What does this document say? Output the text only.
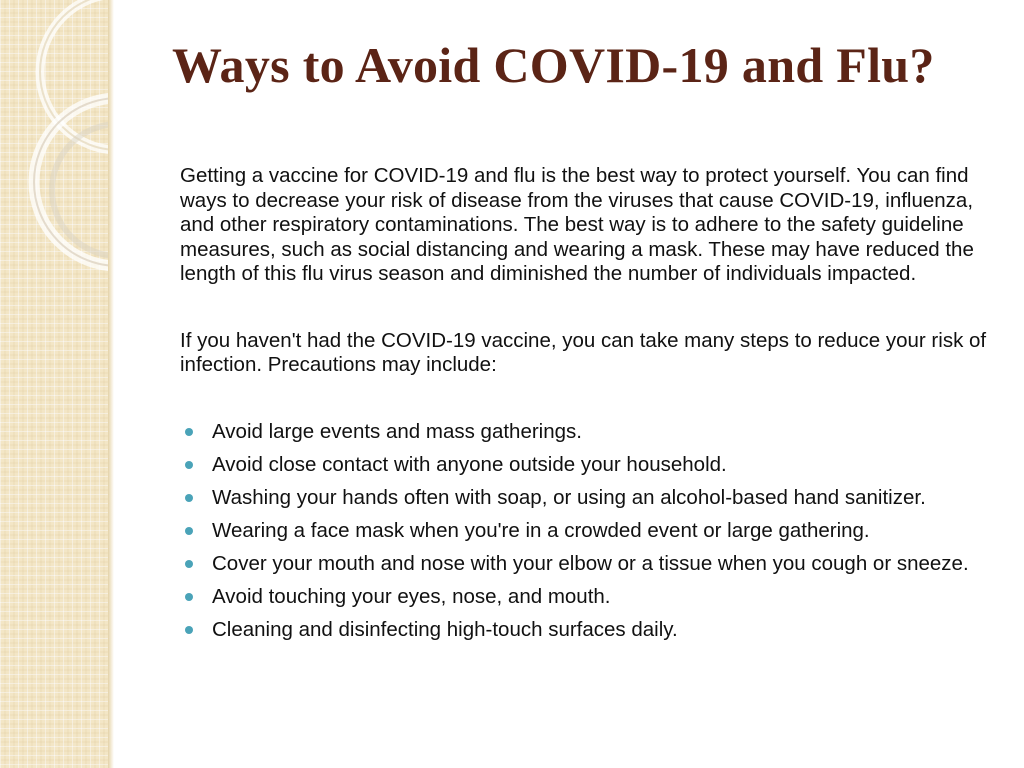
Ways to Avoid COVID-19 and Flu?

Getting a vaccine for COVID-19 and flu is the best way to protect yourself. You can find ways to decrease your risk of disease from the viruses that cause COVID-19, influenza, and other respiratory contaminations. The best way is to adhere to the safety guideline measures, such as social distancing and wearing a mask. These may have reduced the length of this flu virus season and diminished the number of individuals impacted.

If you haven't had the COVID-19 vaccine, you can take many steps to reduce your risk of infection. Precautions may include:

Avoid large events and mass gatherings.
Avoid close contact with anyone outside your household.
Washing your hands often with soap, or using an alcohol-based hand sanitizer.
Wearing a face mask when you're in a crowded event or large gathering.
Cover your mouth and nose with your elbow or a tissue when you cough or sneeze.
Avoid touching your eyes, nose, and mouth.
Cleaning and disinfecting high-touch surfaces daily.
